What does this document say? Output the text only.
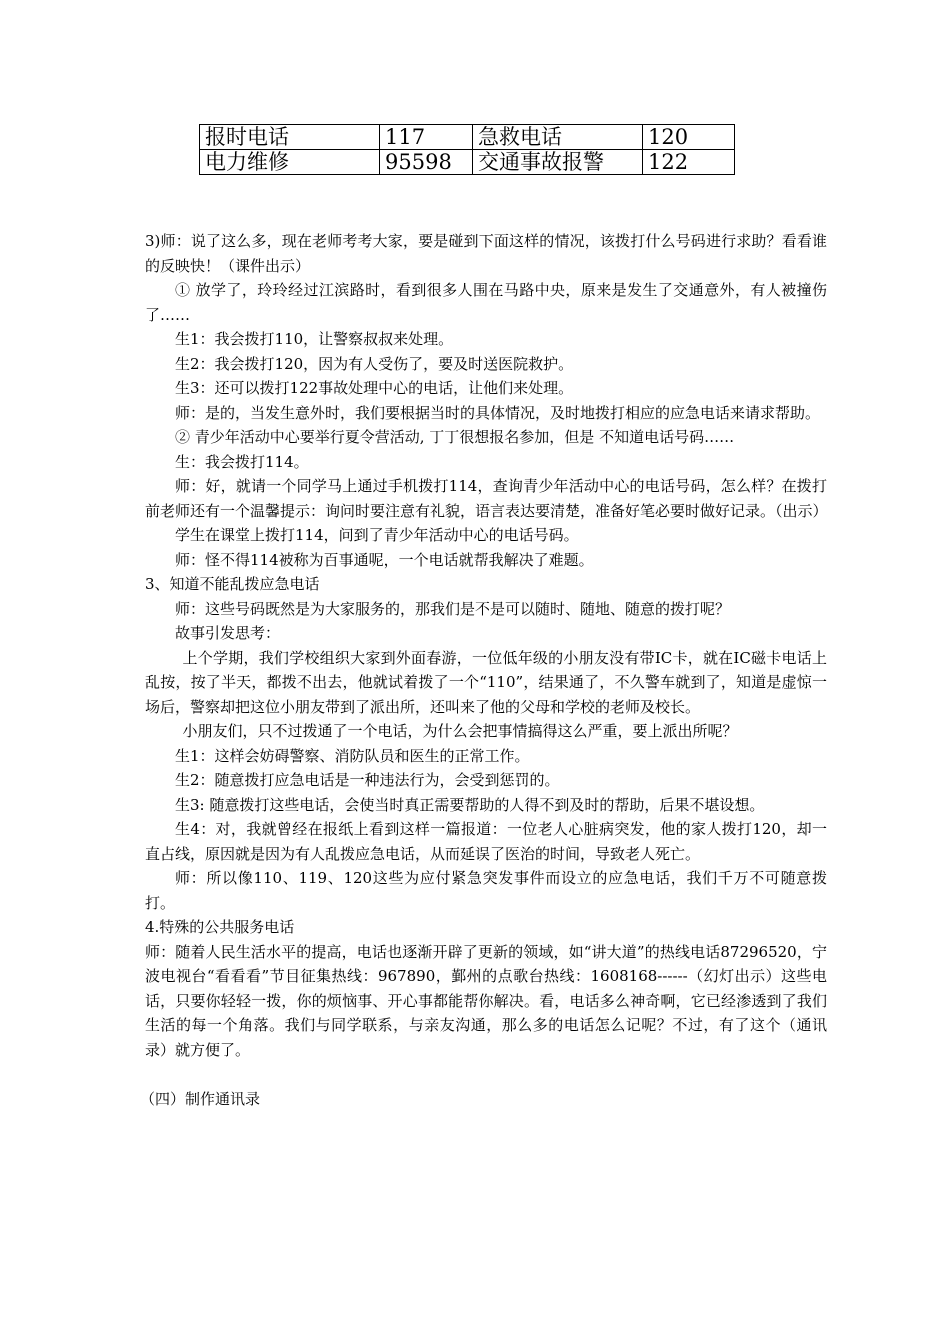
报时电话	117	急救电话	120
电力维修	95598	交通事故报警	122

3)师：说了这么多，现在老师考考大家，要是碰到下面这样的情况，该拨打什么号码进行求助？看看谁的反映快！（课件出示）

① 放学了，玲玲经过江滨路时，看到很多人围在马路中央，原来是发生了交通意外，有人被撞伤了……

生1：我会拨打110，让警察叔叔来处理。

生2：我会拨打120，因为有人受伤了，要及时送医院救护。

生3：还可以拨打122事故处理中心的电话，让他们来处理。

师：是的，当发生意外时，我们要根据当时的具体情况，及时地拨打相应的应急电话来请求帮助。

② 青少年活动中心要举行夏令营活动, 丁丁很想报名参加，但是 不知道电话号码……

生：我会拨打114。

师：好，就请一个同学马上通过手机拨打114，查询青少年活动中心的电话号码，怎么样？在拨打前老师还有一个温馨提示：询问时要注意有礼貌，语言表达要清楚，准备好笔必要时做好记录。（出示）

学生在课堂上拨打114，问到了青少年活动中心的电话号码。

师：怪不得114被称为百事通呢，一个电话就帮我解决了难题。

3、知道不能乱拨应急电话

师：这些号码既然是为大家服务的，那我们是不是可以随时、随地、随意的拨打呢？

故事引发思考：

上个学期，我们学校组织大家到外面春游，一位低年级的小朋友没有带IC卡，就在IC磁卡电话上乱按，按了半天，都拨不出去，他就试着拨了一个“110”，结果通了，不久警车就到了，知道是虚惊一场后，警察却把这位小朋友带到了派出所，还叫来了他的父母和学校的老师及校长。

小朋友们，只不过拨通了一个电话，为什么会把事情搞得这么严重，要上派出所呢？

生1：这样会妨碍警察、消防队员和医生的正常工作。

生2：随意拨打应急电话是一种违法行为，会受到惩罚的。

生3: 随意拨打这些电话，会使当时真正需要帮助的人得不到及时的帮助，后果不堪设想。

生4：对，我就曾经在报纸上看到这样一篇报道：一位老人心脏病突发，他的家人拨打120，却一直占线，原因就是因为有人乱拨应急电话，从而延误了医治的时间，导致老人死亡。

师：所以像110、119、120这些为应付紧急突发事件而设立的应急电话，我们千万不可随意拨打。

4.特殊的公共服务电话

师：随着人民生活水平的提高，电话也逐渐开辟了更新的领域，如“讲大道”的热线电话87296520，宁波电视台“看看看”节目征集热线：967890，鄞州的点歌台热线：1608168------（幻灯出示）这些电话，只要你轻轻一拨，你的烦恼事、开心事都能帮你解决。看，电话多么神奇啊，它已经渗透到了我们生活的每一个角落。我们与同学联系，与亲友沟通，那么多的电话怎么记呢？不过，有了这个（通讯录）就方便了。

（四）制作通讯录
